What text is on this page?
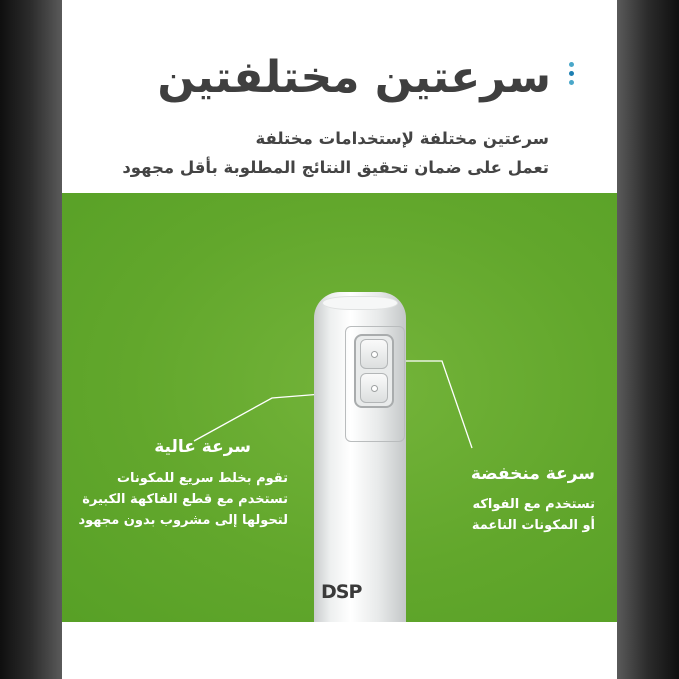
سرعتين مختلفتين
سرعتين مختلفة لإستخدامات مختلفة
تعمل على ضمان تحقيق النتائج المطلوبة بأقل مجهود
DSP
سرعة عالية
تقوم بخلط سريع للمكونات
تستخدم مع قطع الفاكهة الكبيرة
لتحولها إلى مشروب بدون مجهود
سرعة منخفضة
تستخدم مع الفواكه
أو المكونات الناعمة
